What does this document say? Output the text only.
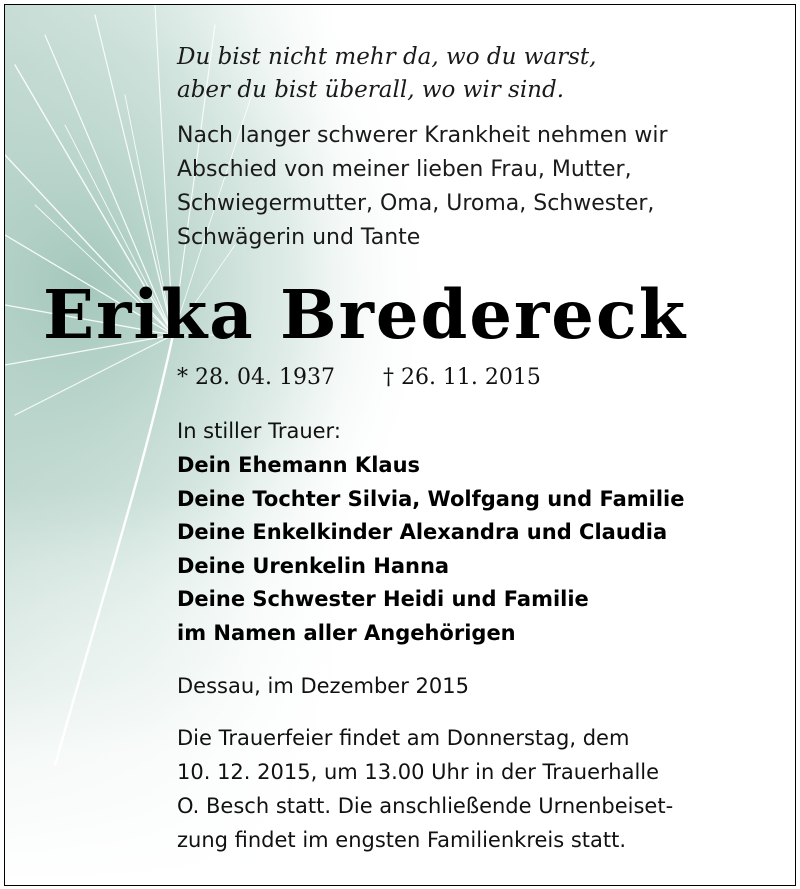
Du bist nicht mehr da, wo du warst,
aber du bist überall, wo wir sind.
Nach langer schwerer Krankheit nehmen wir
Abschied von meiner lieben Frau, Mutter,
Schwiegermutter, Oma, Uroma, Schwester,
Schwägerin und Tante
Erika Bredereck
* 28. 04. 1937 † 26. 11. 2015
In stiller Trauer:
Dein Ehemann Klaus
Deine Tochter Silvia, Wolfgang und Familie
Deine Enkelkinder Alexandra und Claudia
Deine Urenkelin Hanna
Deine Schwester Heidi und Familie
im Namen aller Angehörigen
Dessau, im Dezember 2015
Die Trauerfeier findet am Donnerstag, dem
10. 12. 2015, um 13.00 Uhr in der Trauerhalle
O. Besch statt. Die anschließende Urnenbeiset-
zung findet im engsten Familienkreis statt.
